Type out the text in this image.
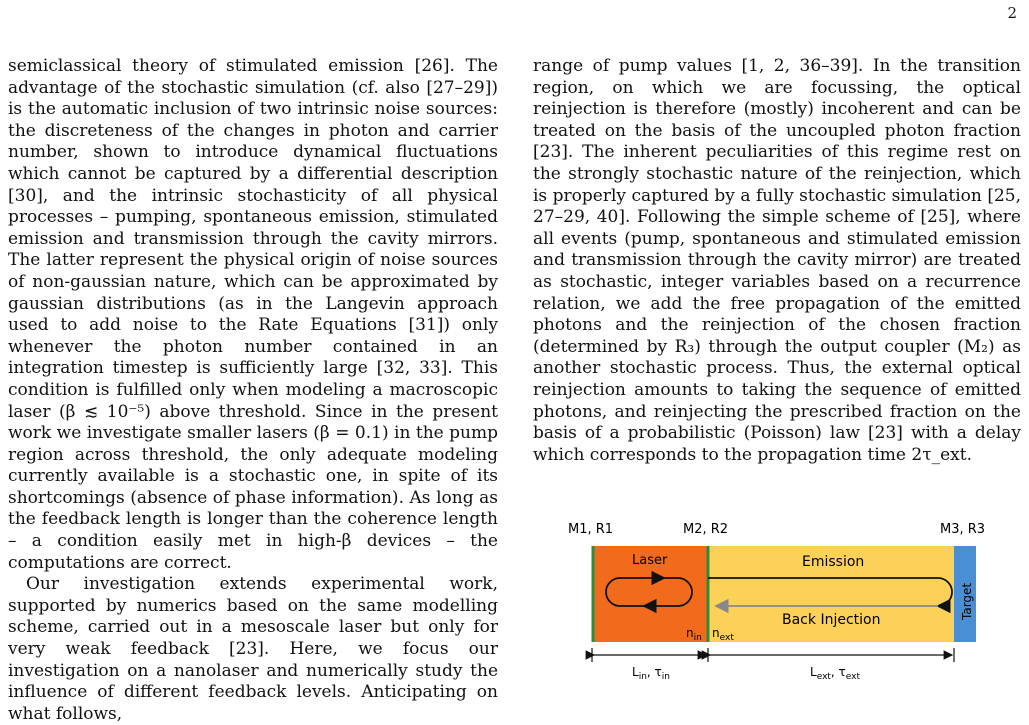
2

semiclassical theory of stimulated emission [26]. The advantage of the stochastic simulation (cf. also [27–29]) is the automatic inclusion of two intrinsic noise sources: the discreteness of the changes in photon and carrier number, shown to introduce dynamical fluctuations which cannot be captured by a differential description [30], and the intrinsic stochasticity of all physical processes – pumping, spontaneous emission, stimulated emission and transmission through the cavity mirrors. The latter represent the physical origin of noise sources of non-gaussian nature, which can be approximated by gaussian distributions (as in the Langevin approach used to add noise to the Rate Equations [31]) only whenever the photon number contained in an integration timestep is sufficiently large [32, 33]. This condition is fulfilled only when modeling a macroscopic laser (β ≲ 10⁻⁵) above threshold. Since in the present work we investigate smaller lasers (β = 0.1) in the pump region across threshold, the only adequate modeling currently available is a stochastic one, in spite of its shortcomings (absence of phase information). As long as the feedback length is longer than the coherence length – a condition easily met in high-β devices – the computations are correct.

Our investigation extends experimental work, supported by numerics based on the same modelling scheme, carried out in a mesoscale laser but only for very weak feedback [23]. Here, we focus our investigation on a nanolaser and numerically study the influence of different feedback levels. Anticipating on what follows,

range of pump values [1, 2, 36–39]. In the transition region, on which we are focussing, the optical reinjection is therefore (mostly) incoherent and can be treated on the basis of the uncoupled photon fraction [23]. The inherent peculiarities of this regime rest on the strongly stochastic nature of the reinjection, which is properly captured by a fully stochastic simulation [25, 27–29, 40]. Following the simple scheme of [25], where all events (pump, spontaneous and stimulated emission and transmission through the cavity mirror) are treated as stochastic, integer variables based on a recurrence relation, we add the free propagation of the emitted photons and the reinjection of the chosen fraction (determined by R₃) through the output coupler (M₂) as another stochastic process. Thus, the external optical reinjection amounts to taking the sequence of emitted photons, and reinjecting the prescribed fraction on the basis of a probabilistic (Poisson) law [23] with a delay which corresponds to the propagation time 2τ_ext.

M1, R1	M2, R2	M3, R3
Laser	Emission
Back Injection	Target
$n_{in}$ $n_{ext}$
$L_{in}$, $\tau_{in}$	$L_{ext}$, $\tau_{ext}$
